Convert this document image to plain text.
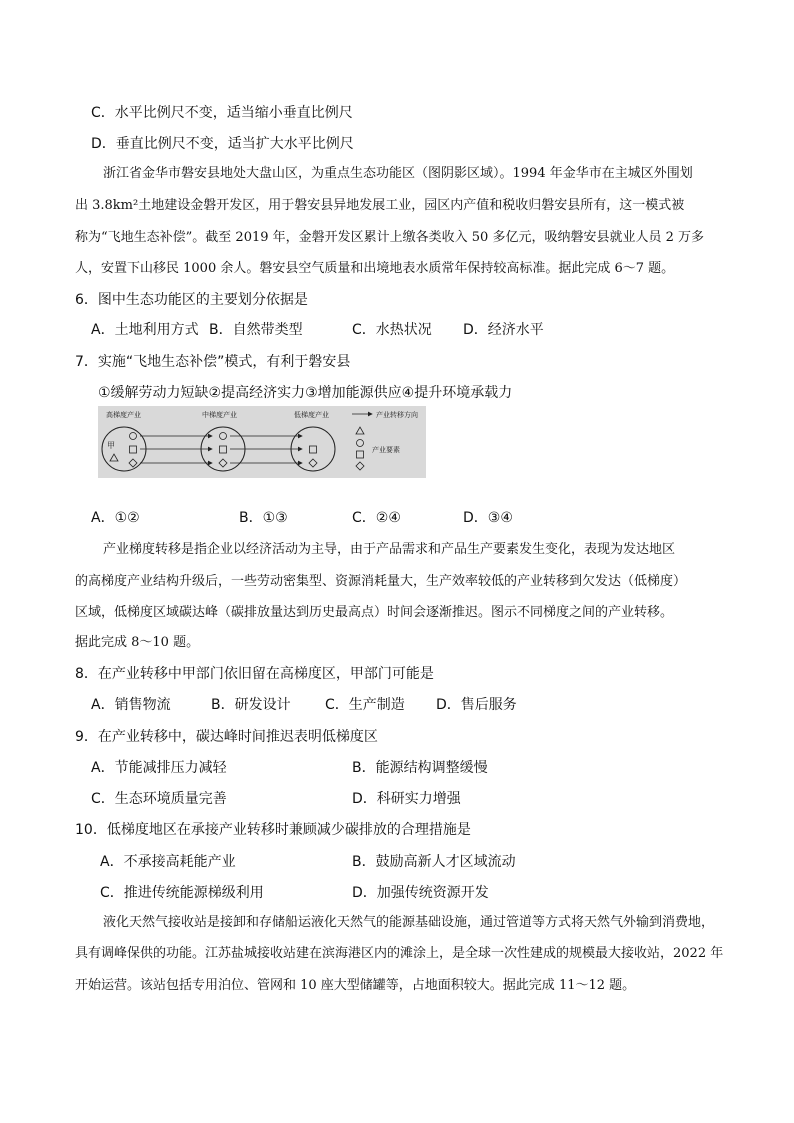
C．水平比例尺不变，适当缩小垂直比例尺
D．垂直比例尺不变，适当扩大水平比例尺
浙江省金华市磐安县地处大盘山区，为重点生态功能区（图阴影区域）。1994 年金华市在主城区外围划
出 3.8km²土地建设金磐开发区，用于磐安县异地发展工业，园区内产值和税收归磐安县所有，这一模式被
称为“飞地生态补偿”。截至 2019 年，金磐开发区累计上缴各类收入 50 多亿元，吸纳磐安县就业人员 2 万多
人，安置下山移民 1000 余人。磐安县空气质量和出境地表水质常年保持较高标准。据此完成 6～7 题。
6．图中生态功能区的主要划分依据是
A．土地利用方式 B．自然带类型	C．水热状况 D．经济水平
7．实施“飞地生态补偿”模式，有利于磐安县
①缓解劳动力短缺②提高经济实力③增加能源供应④提升环境承载力
高梯度产业	中梯度产业	低梯度产业
甲
产业转移方向
产业要素
A．①②	B．①③	C．②④	D．③④
产业梯度转移是指企业以经济活动为主导，由于产品需求和产品生产要素发生变化，表现为发达地区
的高梯度产业结构升级后，一些劳动密集型、资源消耗量大，生产效率较低的产业转移到欠发达（低梯度）
区域，低梯度区域碳达峰（碳排放量达到历史最高点）时间会逐渐推迟。图示不同梯度之间的产业转移。
据此完成 8～10 题。
8．在产业转移中甲部门依旧留在高梯度区，甲部门可能是
A．销售物流	B．研发设计 C．生产制造 D．售后服务
9．在产业转移中，碳达峰时间推迟表明低梯度区
A．节能减排压力减轻	B．能源结构调整缓慢
C．生态环境质量完善	D．科研实力增强
10．低梯度地区在承接产业转移时兼顾减少碳排放的合理措施是
A．不承接高耗能产业	B．鼓励高新人才区域流动
C．推进传统能源梯级利用	D．加强传统资源开发
液化天然气接收站是接卸和存储船运液化天然气的能源基础设施，通过管道等方式将天然气外输到消费地，
具有调峰保供的功能。江苏盐城接收站建在滨海港区内的滩涂上，是全球一次性建成的规模最大接收站，2022 年
开始运营。该站包括专用泊位、管网和 10 座大型储罐等，占地面积较大。据此完成 11～12 题。
